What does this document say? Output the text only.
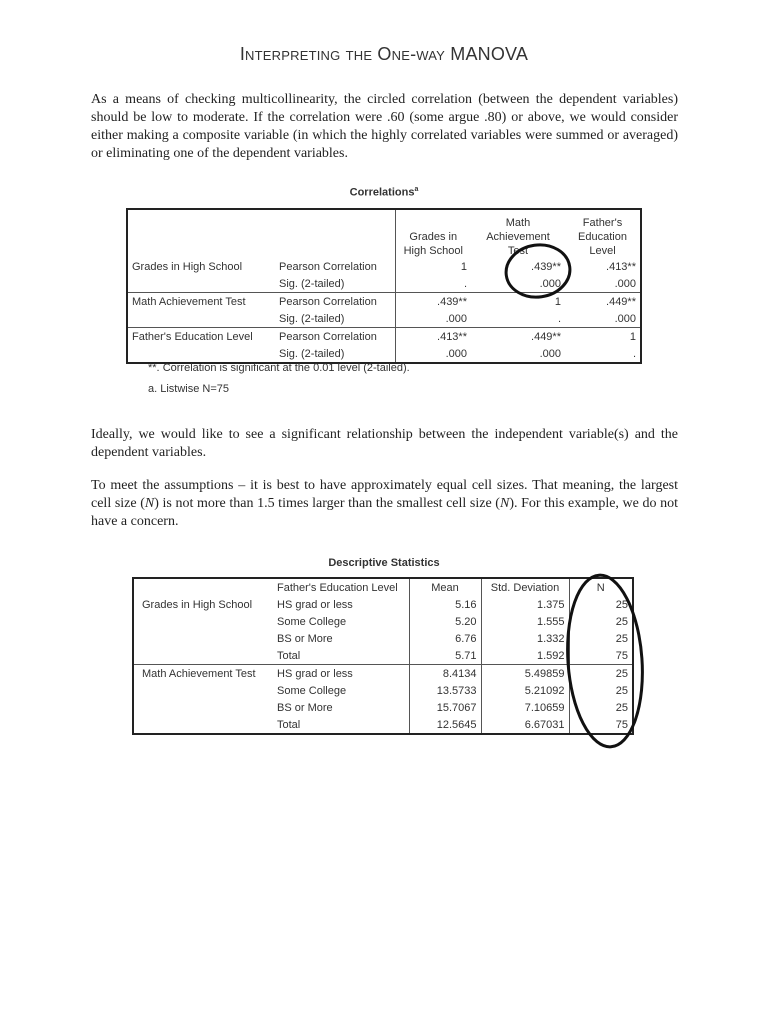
Interpreting the One-way MANOVA

As a means of checking multicollinearity, the circled correlation (between the dependent variables) should be low to moderate. If the correlation were .60 (some argue .80) or above, we would consider either making a composite variable (in which the highly correlated variables were summed or averaged) or eliminating one of the dependent variables.

Correlations$^a$
		Grades in High School	Math Achievement Test	Father's Education Level
Grades in High School	Pearson Correlation	1	.439**	.413**
	Sig. (2-tailed)	.	.000	.000
Math Achievement Test	Pearson Correlation	.439**	1	.449**
	Sig. (2-tailed)	.000	.	.000
Father's Education Level	Pearson Correlation	.413**	.449**	1
	Sig. (2-tailed)	.000	.000	.
**. Correlation is significant at the 0.01 level (2-tailed).
a. Listwise N=75

Ideally, we would like to see a significant relationship between the independent variable(s) and the dependent variables.

To meet the assumptions – it is best to have approximately equal cell sizes. That meaning, the largest cell size (N) is not more than 1.5 times larger than the smallest cell size (N). For this example, we do not have a concern.

Descriptive Statistics
	Father's Education Level	Mean	Std. Deviation	N
Grades in High School	HS grad or less	5.16	1.375	25
	Some College	5.20	1.555	25
	BS or More	6.76	1.332	25
	Total	5.71	1.592	75
Math Achievement Test	HS grad or less	8.4134	5.49859	25
	Some College	13.5733	5.21092	25
	BS or More	15.7067	7.10659	25
	Total	12.5645	6.67031	75
